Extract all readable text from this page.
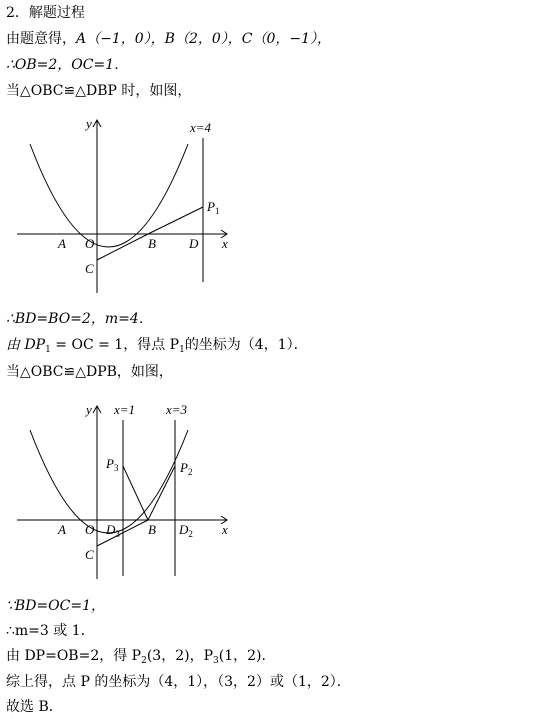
2．解题过程
由题意得，A（−1，0），B（2，0），C（0，−1），
∴OB=2，OC=1．
当△OBC≌△DBP 时，如图，
y	x=4
$P_1$
A O	B	D x
C
∴BD=BO=2，m=4．
由 $DP_1$ = OC = 1，得点 $P_1$的坐标为（4，1）．
当△OBC≌△DPB，如图，
y x=1 x=3
$P_3$	$P_2$
A O $D_3$ B $D_2$ x
C
∵BD=OC=1，
∴m=3 或 1．
由 DP=OB=2，得 $P_2(3$，2)，$P_3(1$，2)．
综上得，点 P 的坐标为（4，1），（3，2）或（1，2）．
故选 B．
